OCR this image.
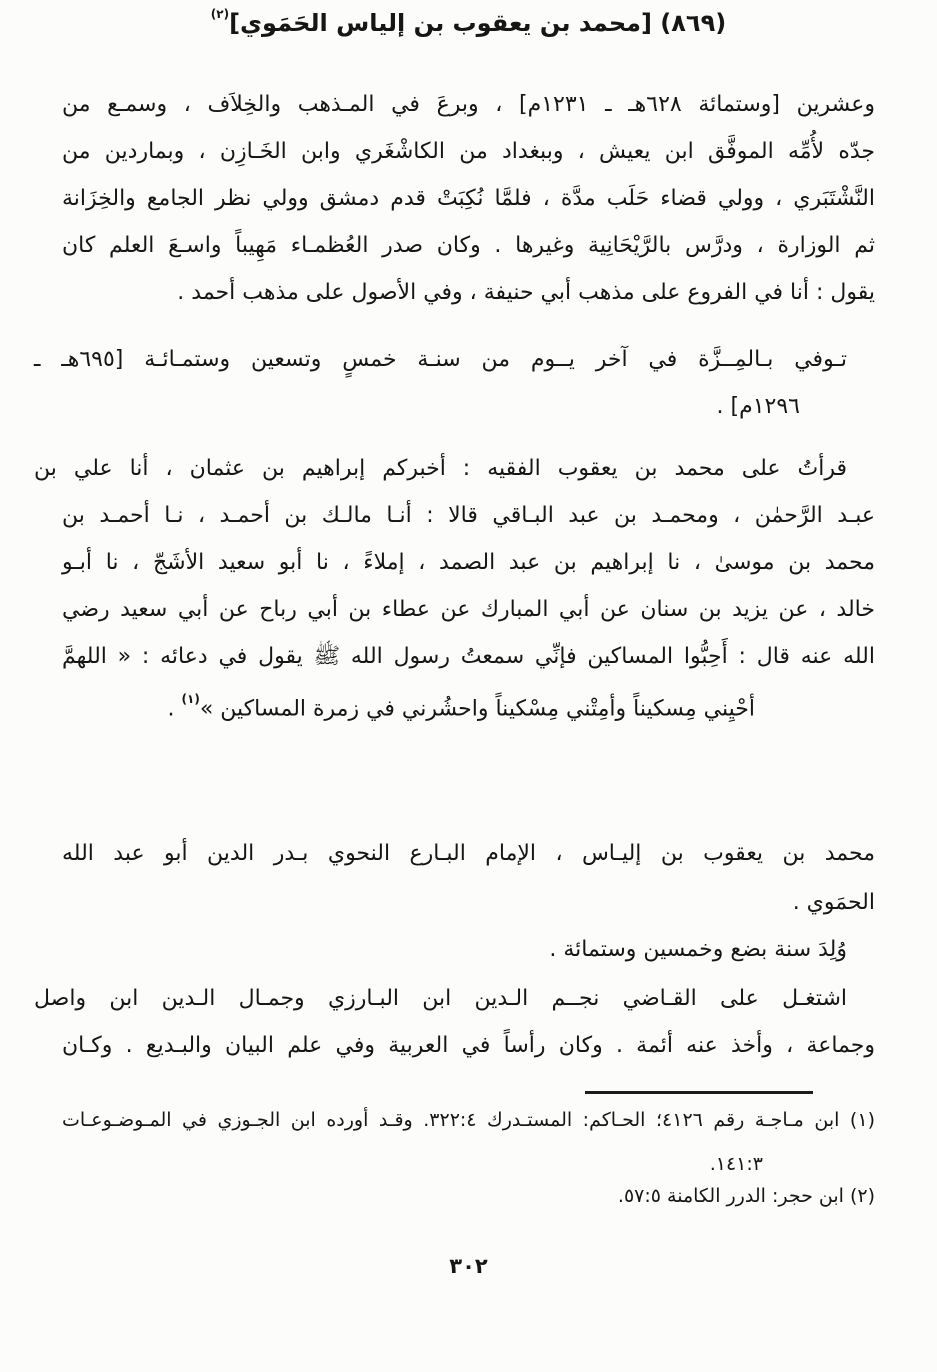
وعشرين [وستمائة ٦٢٨هـ ـ ١٢٣١م] ، وبرعَ في المـذهب والخِلاَف ، وسمـع من
جدّه لأُمِّه الموفَّق ابن يعيش ، وببغداد من الكاشْغَري وابن الخَـازِن ، وبماردين من
النَّشْتَبَري ، وولي قضاء حَلَب مدَّة ، فلمَّا نُكِبَتْ قدم دمشق وولي نظر الجامع والخِزَانة
ثم الوزارة ، ودرَّس بالرَّيْحَانِية وغيرها . وكان صدر العُظمـاء مَهِيباً واسـعَ العلم كان
يقول : أنا في الفروع على مذهب أبي حنيفة ، وفي الأصول على مذهب أحمد .
تـوفي بـالمِــزَّة في آخر يــوم من سنـة خمسٍ وتسعين وستمـائـة [٦٩٥هـ ـ
١٢٩٦م] .
قرأتُ على محمد بن يعقوب الفقيه : أخبركم إبراهيم بن عثمان ، أنا علي بن
عبـد الرَّحمٰن ، ومحمـد بن عبد البـاقي قالا : أنـا مالـك بن أحمـد ، نـا أحمـد بن
محمد بن موسىٰ ، نا إبراهيم بن عبد الصمد ، إملاءً ، نا أبو سعيد الأشَجّ ، نا أبـو
خالد ، عن يزيد بن سنان عن أبي المبارك عن عطاء بن أبي رباح عن أبي سعيد رضي
الله عنه قال : أَحِبُّوا المساكين فإنِّي سمعتُ رسول الله ﷺ يقول في دعائه : « اللهمَّ
أحْيِني مِسكيناً وأمِتْني مِسْكيناً واحشُرني في زمرة المساكين »$^{(١)}$ .
(٨٦٩) [محمد بن يعقوب بن إلياس الحَمَوي]$^{(٢)}$
محمد بن يعقوب بن إليـاس ، الإمام البـارع النحوي بـدر الدين أبو عبد الله
الحمَوي .
وُلِدَ سنة بضع وخمسين وستمائة .
اشتغـل على القـاضي نجــم الـدين ابن البـارزي وجمـال الـدين ابن واصل
وجماعة ، وأخذ عنه أئمة . وكان رأساً في العربية وفي علم البيان والبـديع . وكـان
(١) ابن مـاجـة رقم ٤١٢٦؛ الحـاكم: المستـدرك ٣٢٢:٤. وقـد أورده ابن الجـوزي في المـوضـوعـات
١٤١:٣.
(٢) ابن حجر: الدرر الكامنة ٥٧:٥.
٣٠٢
